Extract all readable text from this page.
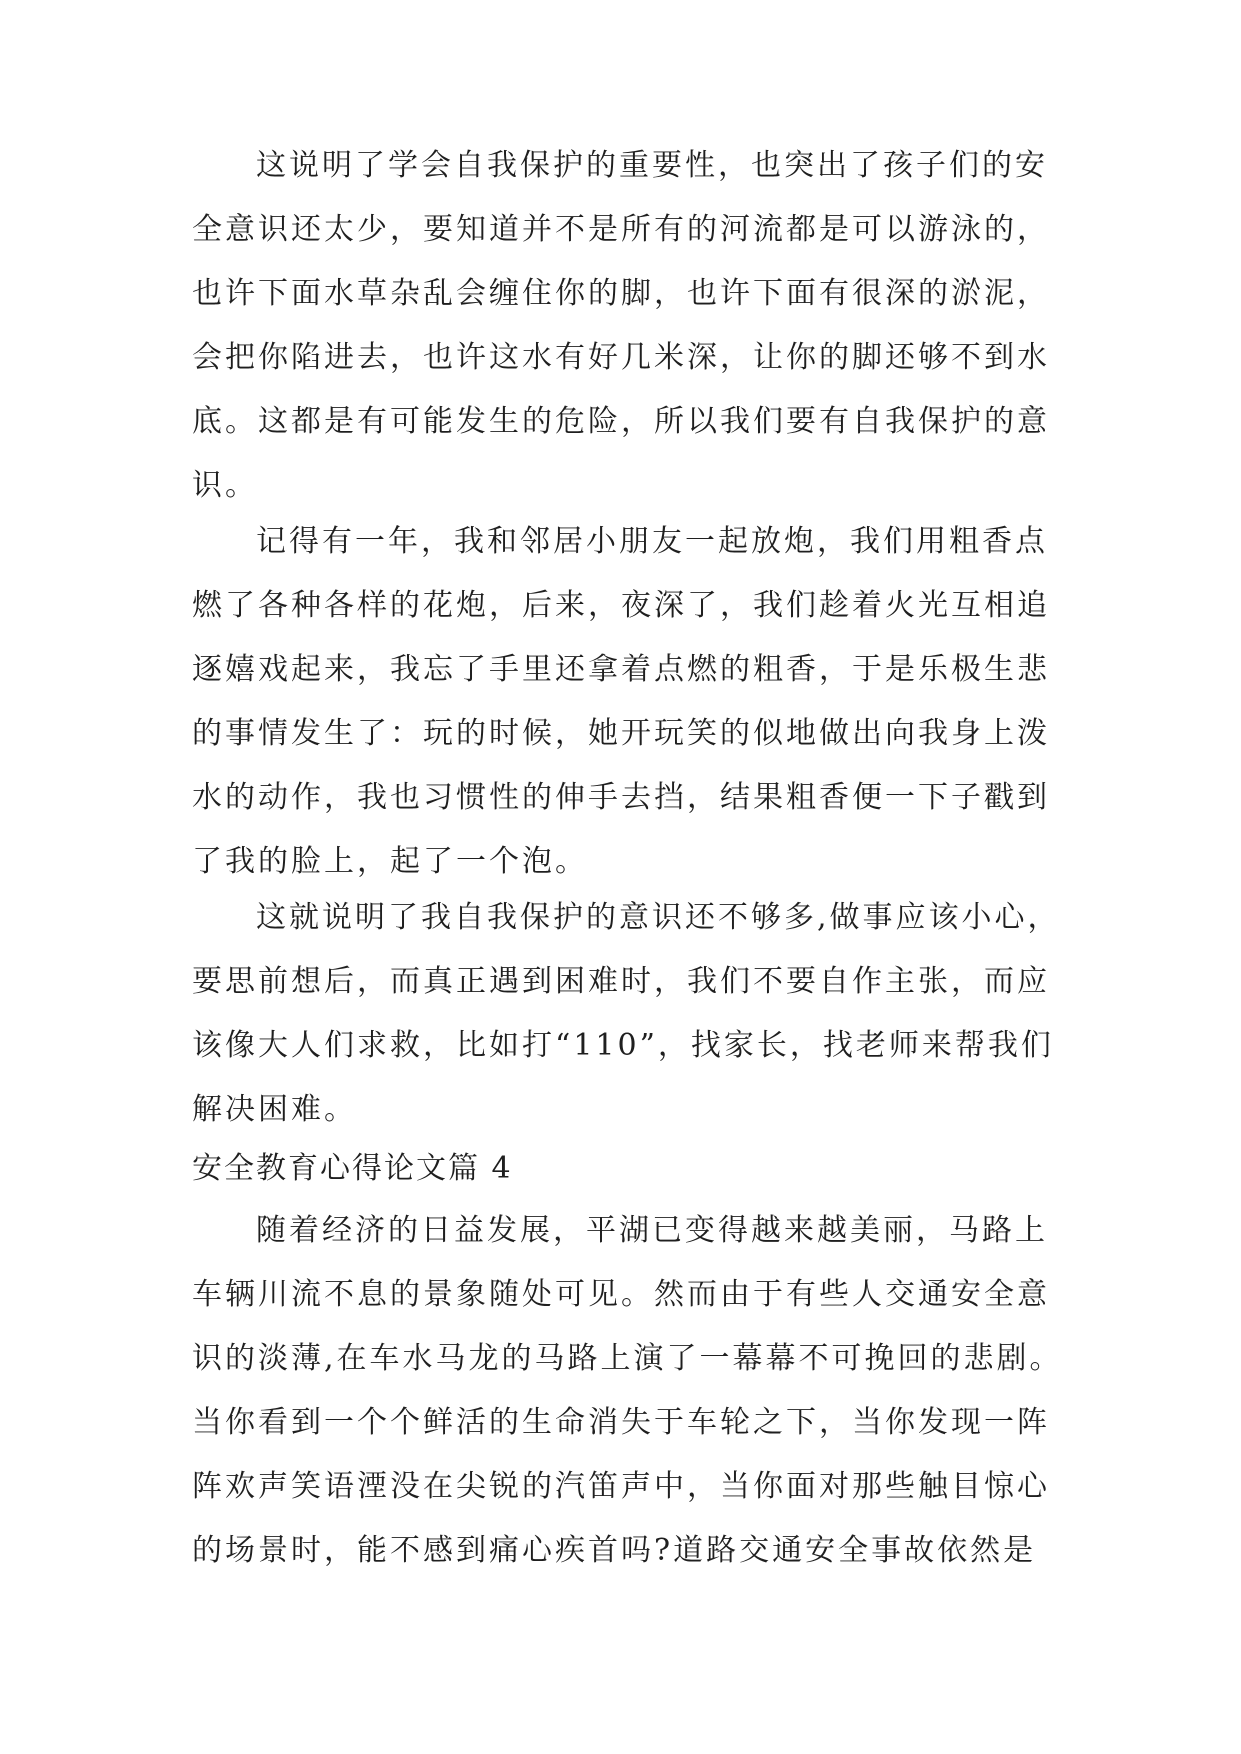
这说明了学会自我保护的重要性，也突出了孩子们的安
全意识还太少，要知道并不是所有的河流都是可以游泳的，
也许下面水草杂乱会缠住你的脚，也许下面有很深的淤泥，
会把你陷进去，也许这水有好几米深，让你的脚还够不到水
底。这都是有可能发生的危险，所以我们要有自我保护的意
识。
记得有一年，我和邻居小朋友一起放炮，我们用粗香点
燃了各种各样的花炮，后来，夜深了，我们趁着火光互相追
逐嬉戏起来，我忘了手里还拿着点燃的粗香，于是乐极生悲
的事情发生了：玩的时候，她开玩笑的似地做出向我身上泼
水的动作，我也习惯性的伸手去挡，结果粗香便一下子戳到
了我的脸上，起了一个泡。
这就说明了我自我保护的意识还不够多,做事应该小心，
要思前想后，而真正遇到困难时，我们不要自作主张，而应
该像大人们求救，比如打“110”，找家长，找老师来帮我们
解决困难。
安全教育心得论文篇 4
随着经济的日益发展，平湖已变得越来越美丽，马路上
车辆川流不息的景象随处可见。然而由于有些人交通安全意
识的淡薄,在车水马龙的马路上演了一幕幕不可挽回的悲剧。
当你看到一个个鲜活的生命消失于车轮之下，当你发现一阵
阵欢声笑语湮没在尖锐的汽笛声中，当你面对那些触目惊心
的场景时，能不感到痛心疾首吗?道路交通安全事故依然是
